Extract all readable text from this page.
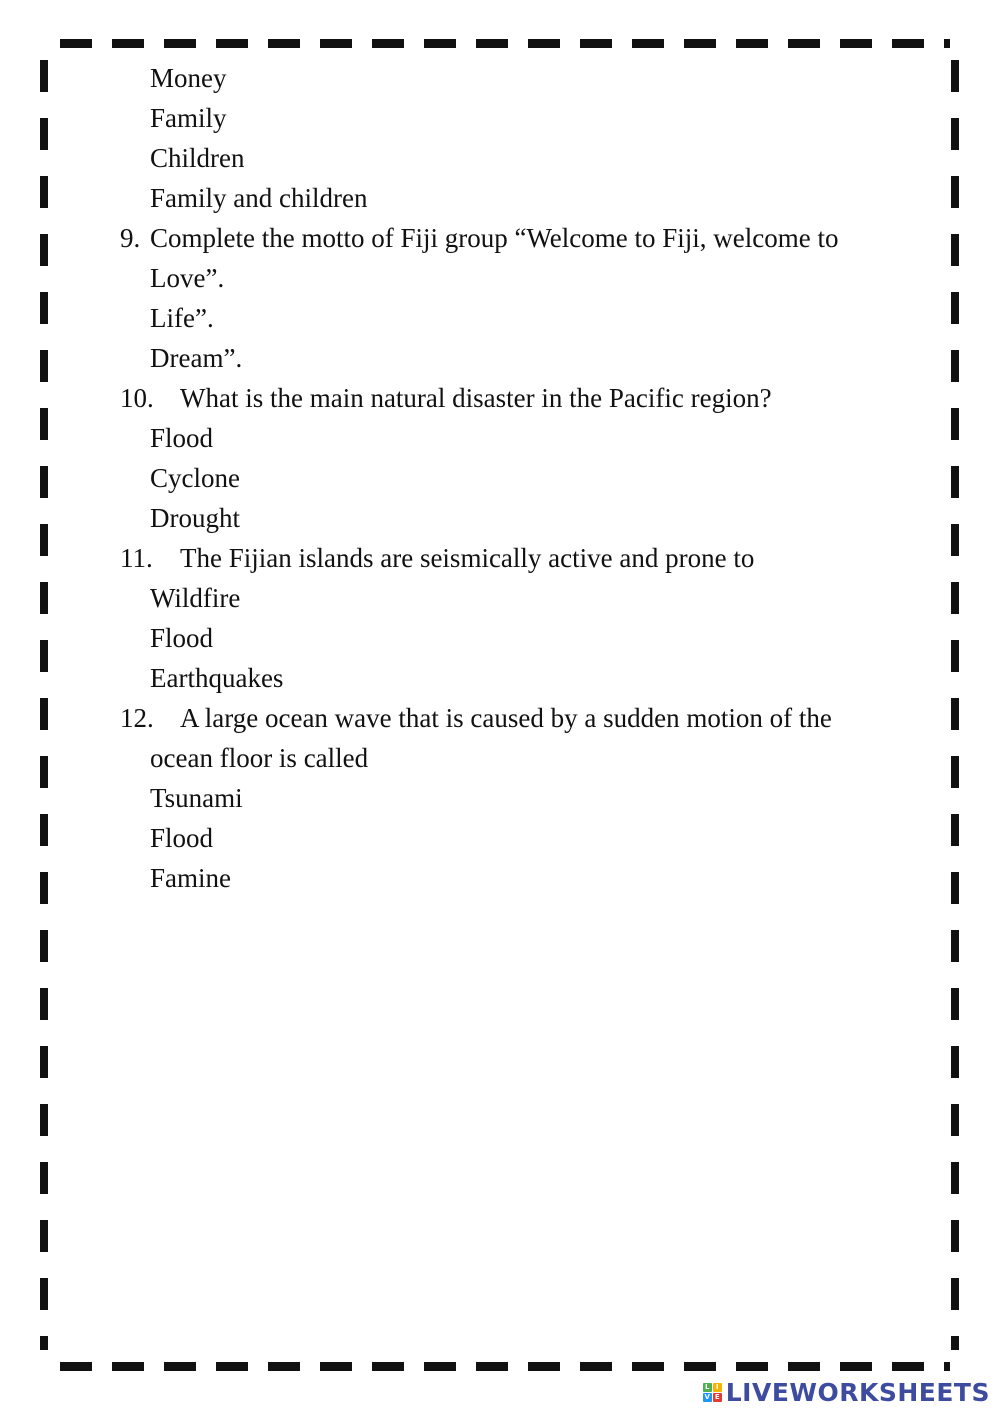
Money
Family
Children
Family and children
9. Complete the motto of Fiji group “Welcome to Fiji, welcome to
Love”.
Life”.
Dream”.
10. What is the main natural disaster in the Pacific region?
Flood
Cyclone
Drought
11. The Fijian islands are seismically active and prone to
Wildfire
Flood
Earthquakes
12. A large ocean wave that is caused by a sudden motion of the
ocean floor is called
Tsunami
Flood
Famine
L I
V E LIVEWORKSHEETS
